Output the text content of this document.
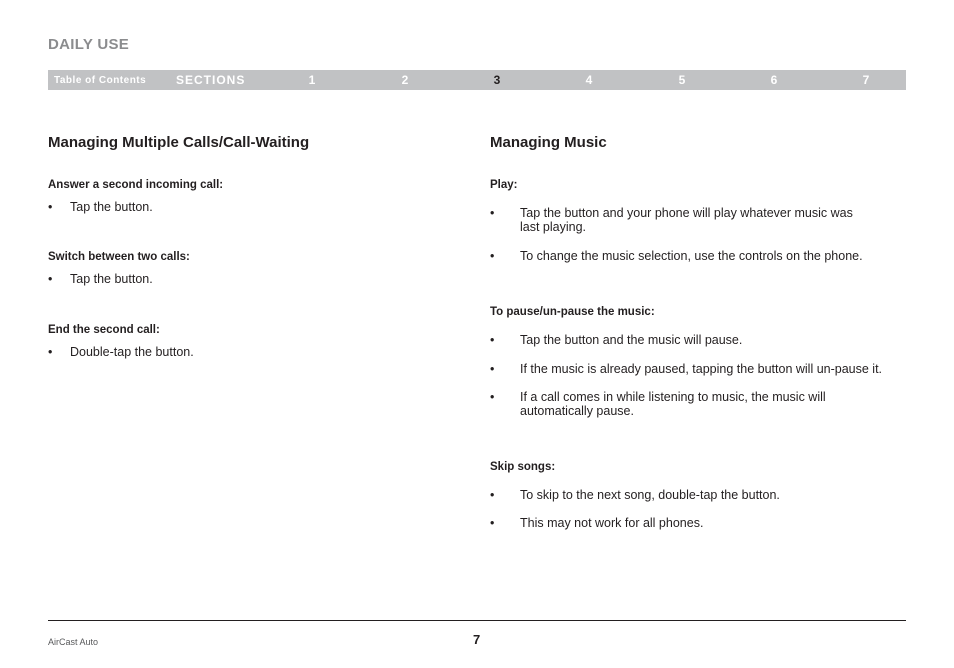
DAILY USE
Table of Contents SECTIONS	1	2	3	4	5	6	7
Managing Multiple Calls/Call-Waiting
Answer a second incoming call:
• Tap the button.
Switch between two calls:
• Tap the button.
End the second call:
• Double-tap the button.
Managing Music
Play:
• Tap the button and your phone will play whatever music was last playing.
• To change the music selection, use the controls on the phone.
To pause/un-pause the music:
• Tap the button and the music will pause.
• If the music is already paused, tapping the button will un-pause it.
• If a call comes in while listening to music, the music will automatically pause.
Skip songs:
• To skip to the next song, double-tap the button.
• This may not work for all phones.
AirCast Auto	7
